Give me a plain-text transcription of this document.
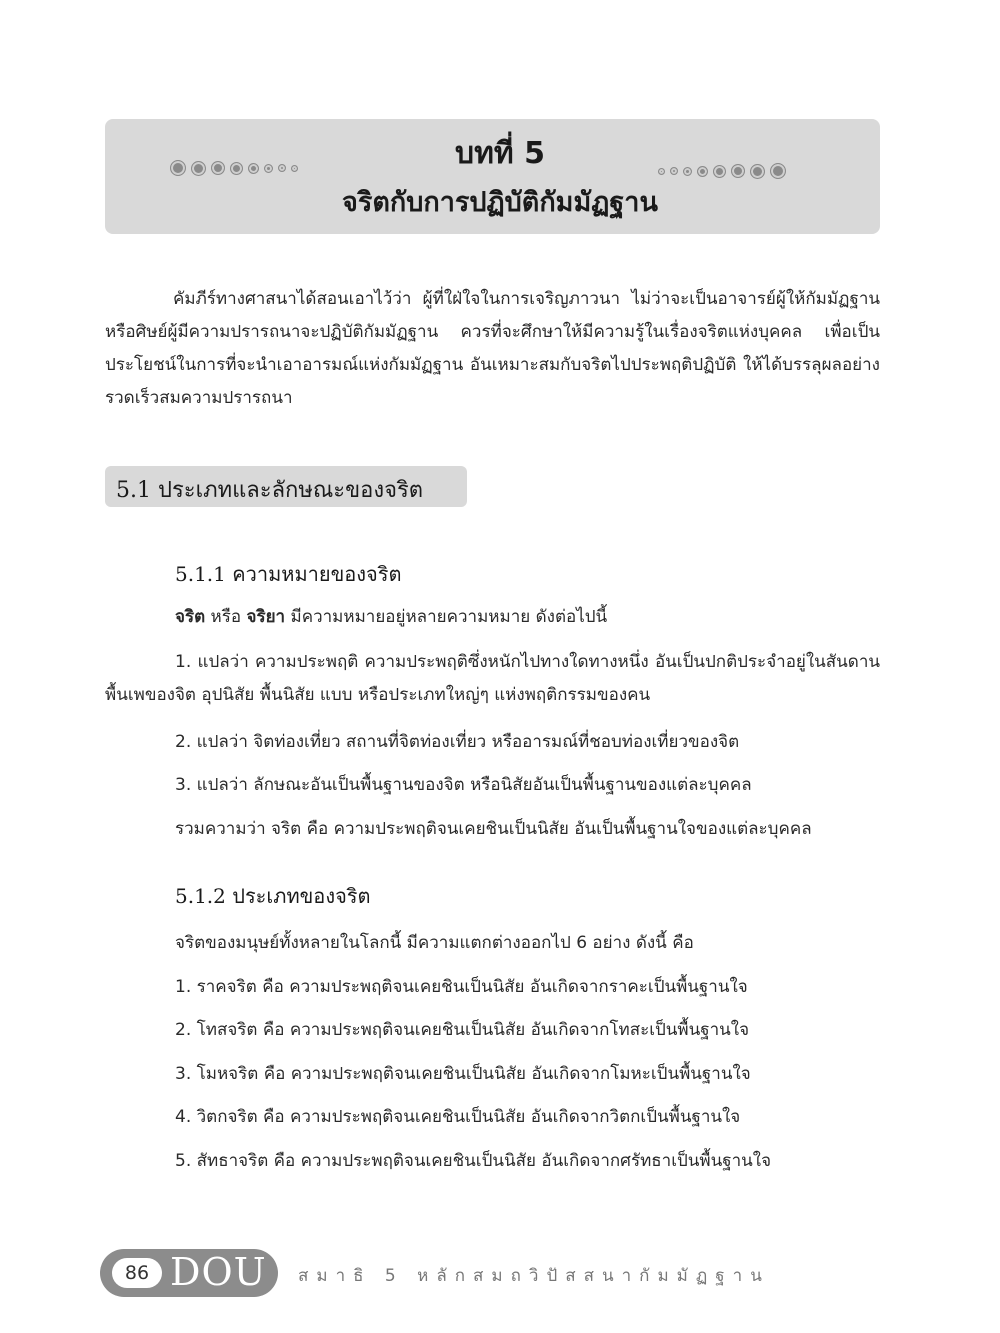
บทที่ 5
จริตกับการปฏิบัติกัมมัฏฐาน

คัมภีร์ทางศาสนาได้สอนเอาไว้ว่า ผู้ที่ใฝ่ใจในการเจริญภาวนา ไม่ว่าจะเป็นอาจารย์ผู้ให้กัมมัฏฐาน หรือศิษย์ผู้มีความปรารถนาจะปฏิบัติกัมมัฏฐาน ควรที่จะศึกษาให้มีความรู้ในเรื่องจริตแห่งบุคคล เพื่อเป็นประโยชน์ในการที่จะนำเอาอารมณ์แห่งกัมมัฏฐาน อันเหมาะสมกับจริตไปประพฤติปฏิบัติ ให้ได้บรรลุผลอย่างรวดเร็วสมความปรารถนา

5.1 ประเภทและลักษณะของจริต
5.1.1 ความหมายของจริต
จริต หรือ จริยา มีความหมายอยู่หลายความหมาย ดังต่อไปนี้
1. แปลว่า ความประพฤติ ความประพฤติซึ่งหนักไปทางใดทางหนึ่ง อันเป็นปกติประจำอยู่ในสันดาน พื้นเพของจิต อุปนิสัย พื้นนิสัย แบบ หรือประเภทใหญ่ๆ แห่งพฤติกรรมของคน
2. แปลว่า จิตท่องเที่ยว สถานที่จิตท่องเที่ยว หรืออารมณ์ที่ชอบท่องเที่ยวของจิต
3. แปลว่า ลักษณะอันเป็นพื้นฐานของจิต หรือนิสัยอันเป็นพื้นฐานของแต่ละบุคคล
รวมความว่า จริต คือ ความประพฤติจนเคยชินเป็นนิสัย อันเป็นพื้นฐานใจของแต่ละบุคคล
5.1.2 ประเภทของจริต
จริตของมนุษย์ทั้งหลายในโลกนี้ มีความแตกต่างออกไป 6 อย่าง ดังนี้ คือ
1. ราคจริต คือ ความประพฤติจนเคยชินเป็นนิสัย อันเกิดจากราคะเป็นพื้นฐานใจ
2. โทสจริต คือ ความประพฤติจนเคยชินเป็นนิสัย อันเกิดจากโทสะเป็นพื้นฐานใจ
3. โมหจริต คือ ความประพฤติจนเคยชินเป็นนิสัย อันเกิดจากโมหะเป็นพื้นฐานใจ
4. วิตกจริต คือ ความประพฤติจนเคยชินเป็นนิสัย อันเกิดจากวิตกเป็นพื้นฐานใจ
5. สัทธาจริต คือ ความประพฤติจนเคยชินเป็นนิสัย อันเกิดจากศรัทธาเป็นพื้นฐานใจ
86 DOU สมาธิ 5 หลักสมถวิปัสสนากัมมัฏฐาน
